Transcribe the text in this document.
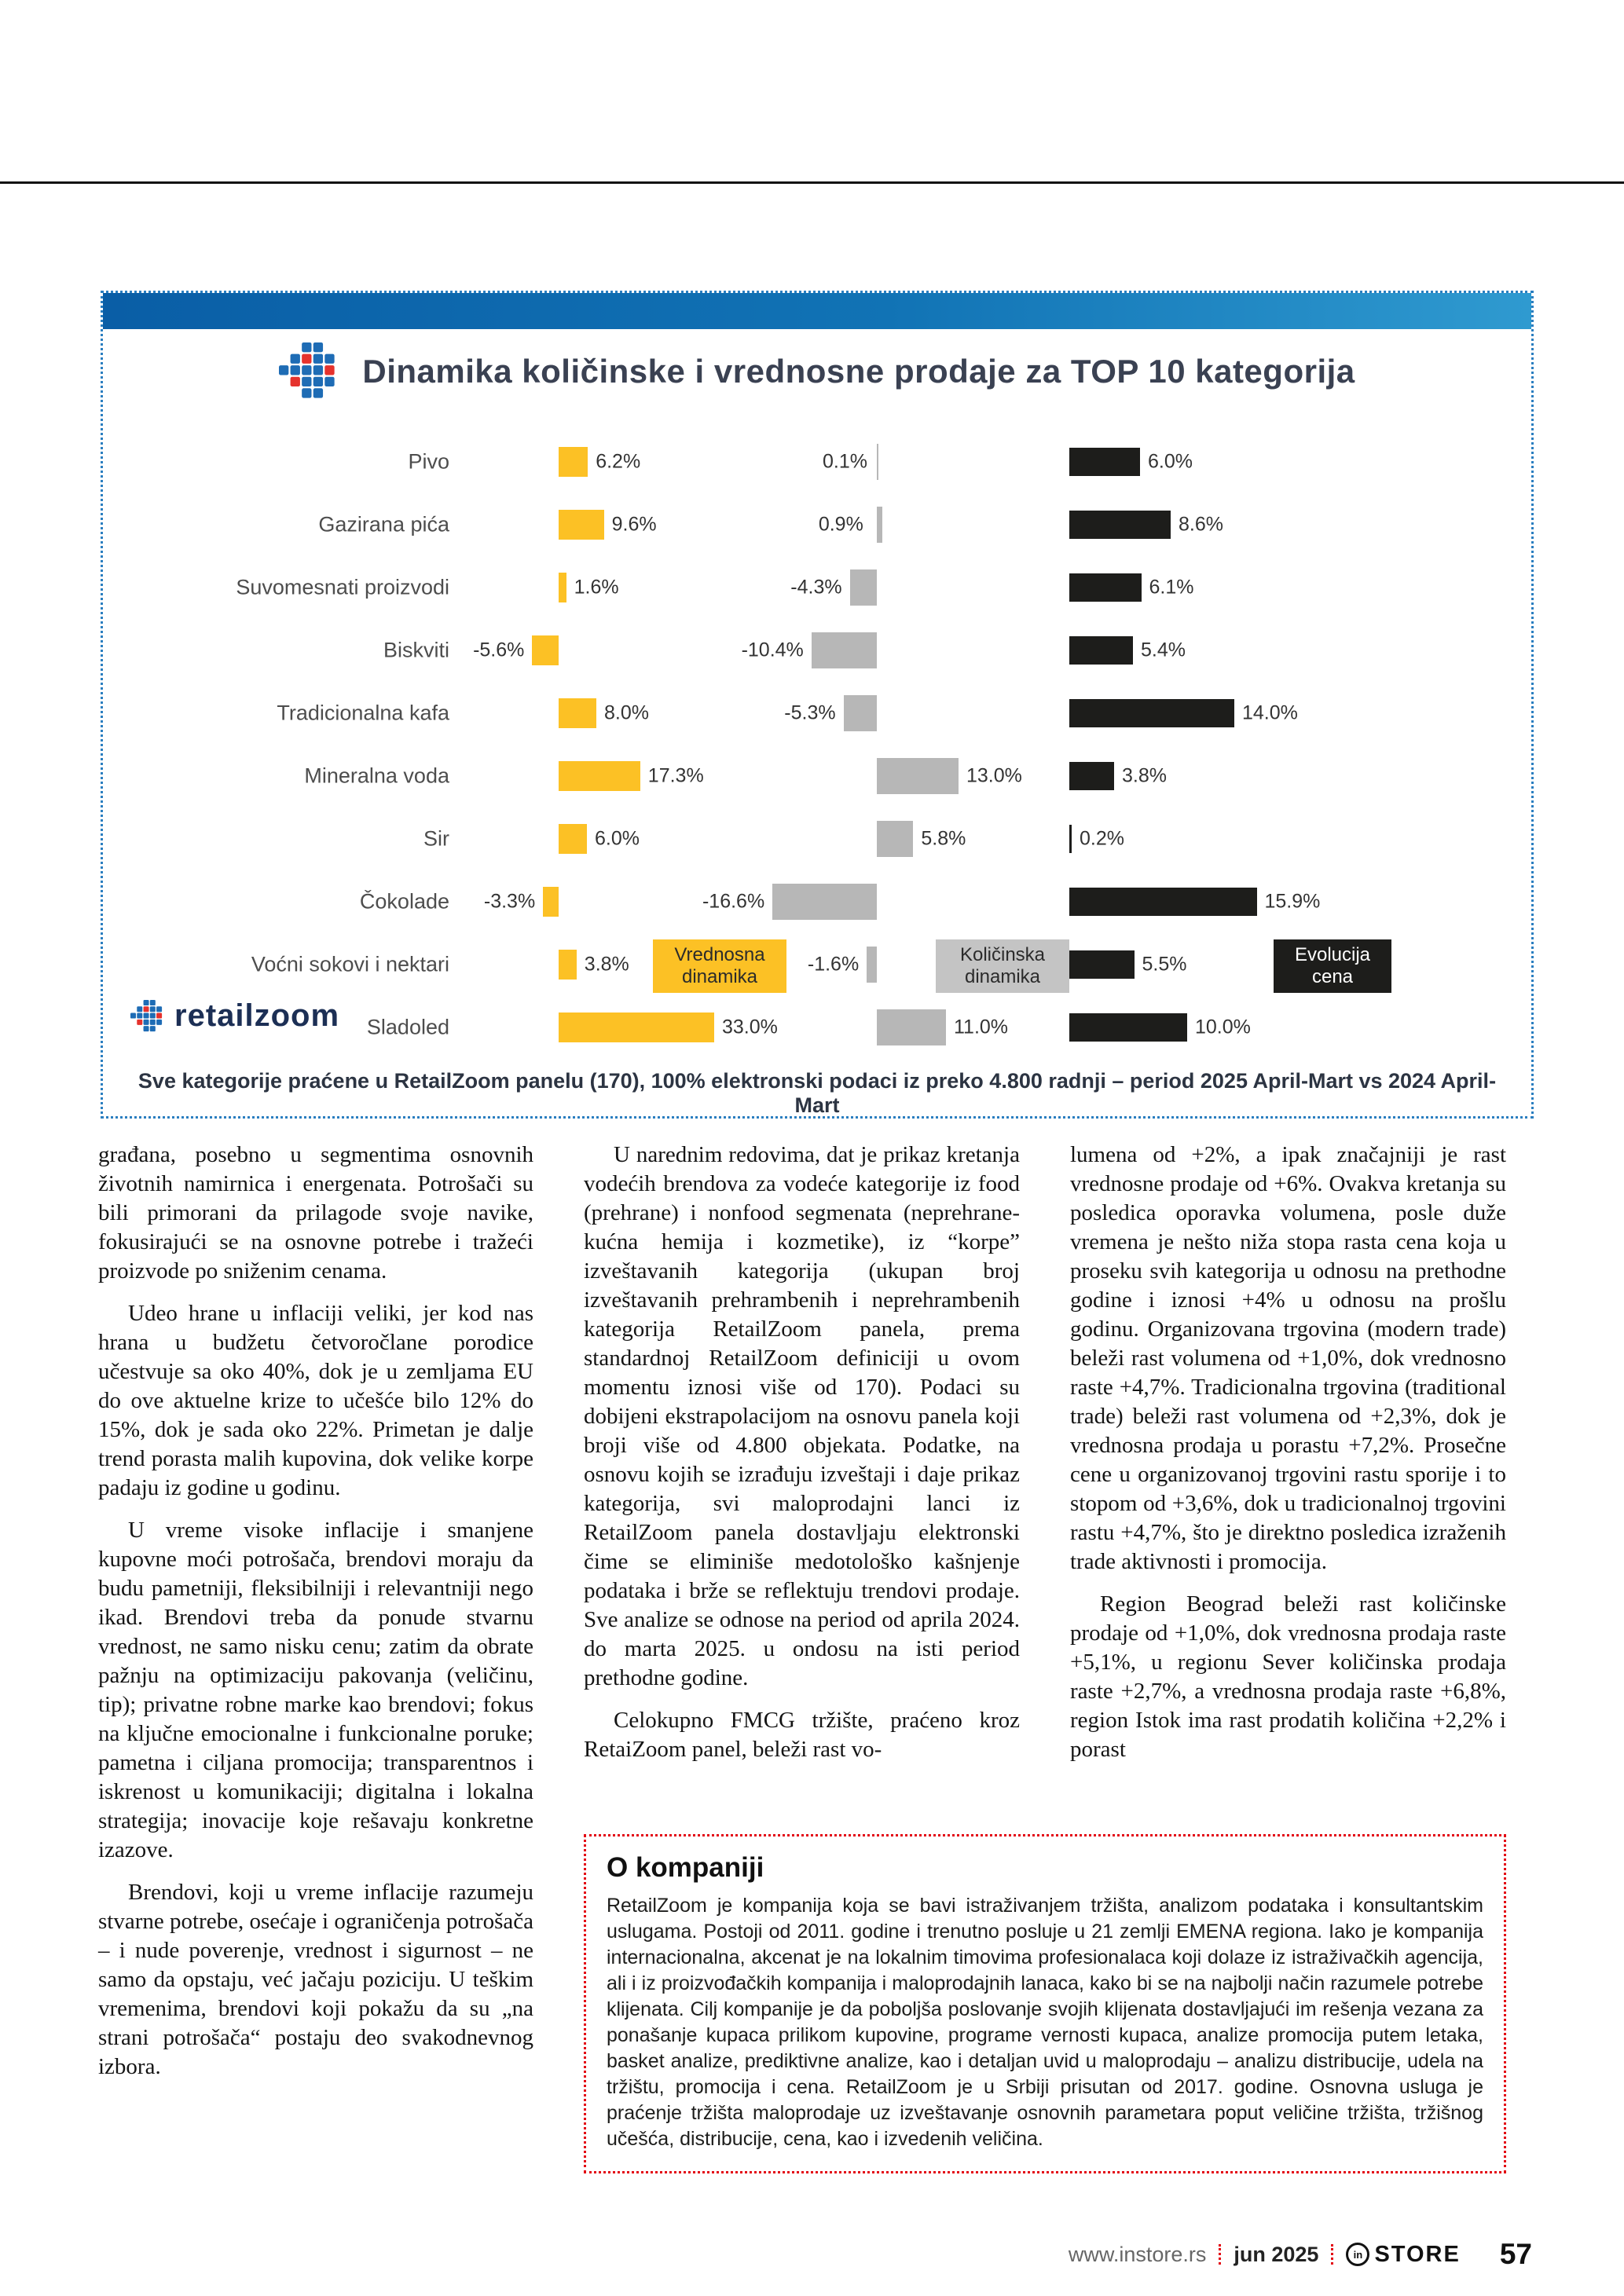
Dinamika količinske i vrednosne prodaje za TOP 10 kategorija
Pivo	6.2%	0.1%	6.0%
Gazirana pića	9.6%	0.9%	8.6%
Suvomesnati proizvodi	1.6%	-4.3%	6.1%
Biskviti -5.6%	-10.4%	5.4%
Tradicionalna kafa	8.0%	-5.3%	14.0%
Mineralna voda	17.3%	13.0%	3.8%
Sir	6.0%	5.8%	0.2%
Čokolade -3.3%	-16.6%	15.9%
Voćni sokovi i nektari	3.8%	-1.6%	5.5%
Sladoled	33.0%	11.0%	10.0%
Vrednosna dinamika
Količinska dinamika
Evolucija cena
retailzoom
Sve kategorije praćene u RetailZoom panelu (170), 100% elektronski podaci iz preko 4.800 radnji – period 2025 April-Mart vs 2024 April-Mart

građana, posebno u segmentima osnovnih životnih namirnica i energenata. Potrošači su bili primorani da prilagode svoje navike, fokusirajući se na osnovne potrebe i tražeći proizvode po sniženim cenama.

Udeo hrane u inflaciji veliki, jer kod nas hrana u budžetu četvoročlane porodice učestvuje sa oko 40%, dok je u zemljama EU do ove aktuelne krize to učešće bilo 12% do 15%, dok je sada oko 22%. Primetan je dalje trend porasta malih kupovina, dok velike korpe padaju iz godine u godinu.

U vreme visoke inflacije i smanjene kupovne moći potrošača, brendovi moraju da budu pametniji, fleksibilniji i relevantniji nego ikad. Brendovi treba da ponude stvarnu vrednost, ne samo nisku cenu; zatim da obrate pažnju na optimizaciju pakovanja (veličinu, tip); privatne robne marke kao brendovi; fokus na ključne emocionalne i funkcionalne poruke; pametna i ciljana promocija; transparentnos i iskrenost u komunikaciji; digitalna i lokalna strategija; inovacije koje rešavaju konkretne izazove.

Brendovi, koji u vreme inflacije razumeju stvarne potrebe, osećaje i ograničenja potrošača – i nude poverenje, vrednost i sigurnost – ne samo da opstaju, već jačaju poziciju. U teškim vremenima, brendovi koji pokažu da su „na strani potrošača“ postaju deo svakodnevnog izbora.

U narednim redovima, dat je prikaz kretanja vodećih brendova za vodeće kategorije iz food (prehrane) i nonfood segmenata (neprehrane-kućna hemija i kozmetike), iz “korpe” izveštavanih kategorija (ukupan broj izveštavanih prehrambenih i neprehrambenih kategorija RetailZoom panela, prema standardnoj RetailZoom definiciji u ovom momentu iznosi više od 170). Podaci su dobijeni ekstrapolacijom na osnovu panela koji broji više od 4.800 objekata. Podatke, na osnovu kojih se izrađuju izveštaji i daje prikaz kategorija, svi maloprodajni lanci iz RetailZoom panela dostavljaju elektronski čime se eliminiše medotološko kašnjenje podataka i brže se reflektuju trendovi prodaje. Sve analize se odnose na period od aprila 2024. do marta 2025. u ondosu na isti period prethodne godine.

Celokupno FMCG tržište, praćeno kroz RetaiZoom panel, beleži rast vo-

lumena od +2%, a ipak značajniji je rast vrednosne prodaje od +6%. Ovakva kretanja su posledica oporavka volumena, posle duže vremena je nešto niža stopa rasta cena koja u proseku svih kategorija u odnosu na prethodne godine i iznosi +4% u odnosu na prošlu godinu. Organizovana trgovina (modern trade) beleži rast volumena od +1,0%, dok vrednosno raste +4,7%. Tradicionalna trgovina (traditional trade) beleži rast volumena od +2,3%, dok je vrednosna prodaja u porastu +7,2%. Prosečne cene u organizovanoj trgovini rastu sporije i to stopom od +3,6%, dok u tradicionalnoj trgovini rastu +4,7%, što je direktno posledica izraženih trade aktivnosti i promocija.

Region Beograd beleži rast količinske prodaje od +1,0%, dok vrednosna prodaja raste +5,1%, u regionu Sever količinska prodaja raste +2,7%, a vrednosna prodaja raste +6,8%, region Istok ima rast prodatih količina +2,2% i porast

O kompaniji

RetailZoom je kompanija koja se bavi istraživanjem tržišta, analizom podataka i konsultantskim uslugama. Postoji od 2011. godine i trenutno posluje u 21 zemlji EMENA regiona. Iako je kompanija internacionalna, akcenat je na lokalnim timovima profesionalaca koji dolaze iz istraživačkih agencija, ali i iz proizvođačkih kompanija i maloprodajnih lanaca, kako bi se na najbolji način razumele potrebe klijenata. Cilj kompanije je da poboljša poslovanje svojih klijenata dostavljajući im rešenja vezana za ponašanje kupaca prilikom kupovine, programe vernosti kupaca, analize promocija putem letaka, basket analize, prediktivne analize, kao i detaljan uvid u maloprodaju – analizu distribucije, udela na tržištu, promocija i cena. RetailZoom je u Srbiji prisutan od 2017. godine. Osnovna usluga je praćenje tržišta maloprodaje uz izveštavanje osnovnih parametara poput veličine tržišta, tržišnog učešća, distribucije, cena, kao i izvedenih veličina.

www.instore.rs jun 2025	in STORE 57
